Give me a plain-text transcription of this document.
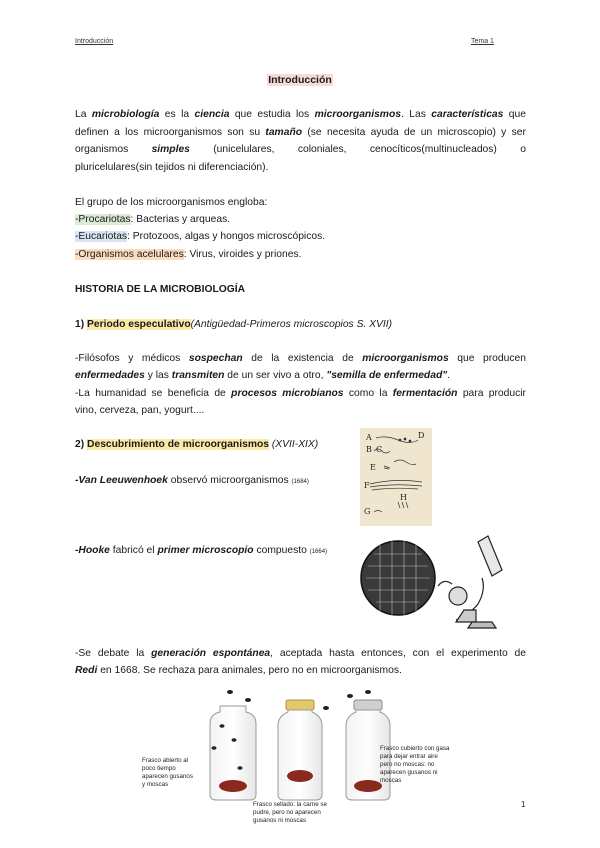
Introducción	Tema 1
Introducción
La microbiología es la ciencia que estudia los microorganismos. Las características que
definen a los microorganismos son su tamaño (se necesita ayuda de un microscopio) y ser
organismos simples (unicelulares, coloniales, cenocíticos(multinucleados) o
pluricelulares(sin tejidos ni diferenciación).
El grupo de los microorganismos engloba:
-Procariotas: Bacterias y arqueas.
-Eucariotas: Protozoos, algas y hongos microscópicos.
-Organismos acelulares: Virus, viroides y priones.
HISTORIA DE LA MICROBIOLOGÍA
1) Periodo especulativo(Antigüedad-Primeros microscopios S. XVII)
-Filósofos y médicos sospechan de la existencia de microorganismos que producen
enfermedades y las transmiten de un ser vivo a otro, "semilla de enfermedad".
-La humanidad se beneficia de procesos microbianos como la fermentación para producir
vino, cerveza, pan, yogurt....
2) Descubrimiento de microorganismos (XVII-XIX)
-Van Leeuwenhoek observó microorganismos (1684)
-Hooke fabricó el primer microscopio compuesto (1664)
A
B C
D
E
F
G
H
-Se debate la generación espontánea, aceptada hasta entonces, con el experimento de
Redi en 1668. Se rechaza para animales, pero no en microorganismos.
Frasco abierto al
poco tiempo
aparecen gusanos
y moscas
Frasco sellado: la carne se
pudre, pero no aparecen
gusanos ni moscas
Frasco cubierto con gasa
para dejar entrar aire
pero no moscas: no
aparecen gusanos ni
moscas
1
